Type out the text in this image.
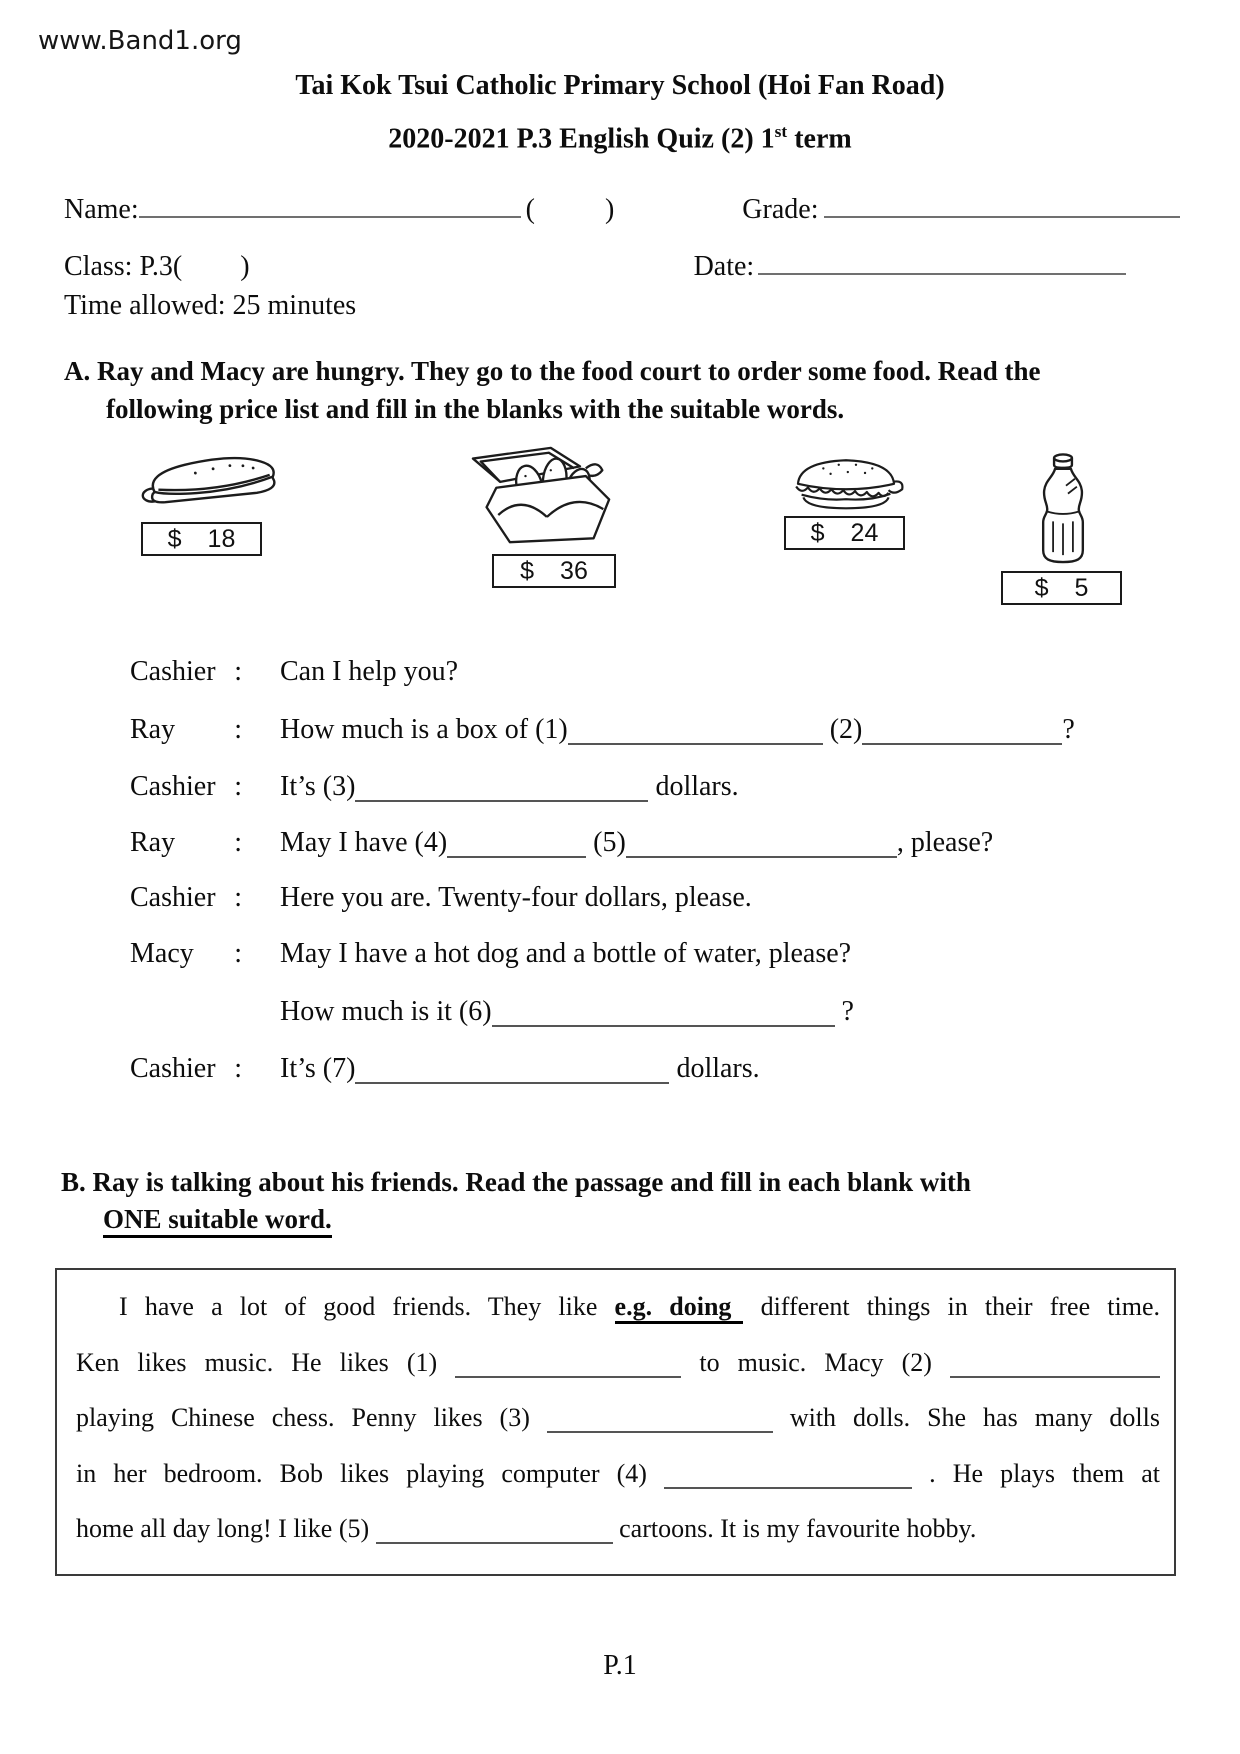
www.Band1.org
Tai Kok Tsui Catholic Primary School (Hoi Fan Road)
2020-2021 P.3 English Quiz (2) 1st term
Name:	(	)	Grade:
Class: P.3( )	Date:
Time allowed: 25 minutes
A. Ray and Macy are hungry. They go to the food court to order some food. Read the
following price list and fill in the blanks with the suitable words.
$ 18
$ 36
$ 24
$ 5
Cashier : Can I help you?
Ray : How much is a box of (1)	(2)	?
Cashier : It’s (3)	dollars.
Ray : May I have (4)	(5)	, please?
Cashier : Here you are. Twenty-four dollars, please.
Macy : May I have a hot dog and a bottle of water, please?
How much is it (6)	?
Cashier : It’s (7)	dollars.
B. Ray is talking about his friends. Read the passage and fill in each blank with
ONE suitable word.
I have a lot of good friends. They like e.g. doing different things in their free time.
Ken likes music. He likes (1)	to music. Macy (2)
playing Chinese chess. Penny likes (3)	with dolls. She has many dolls
in her bedroom. Bob likes playing computer (4)	. He plays them at
home all day long! I like (5)	cartoons. It is my favourite hobby.
P.1
